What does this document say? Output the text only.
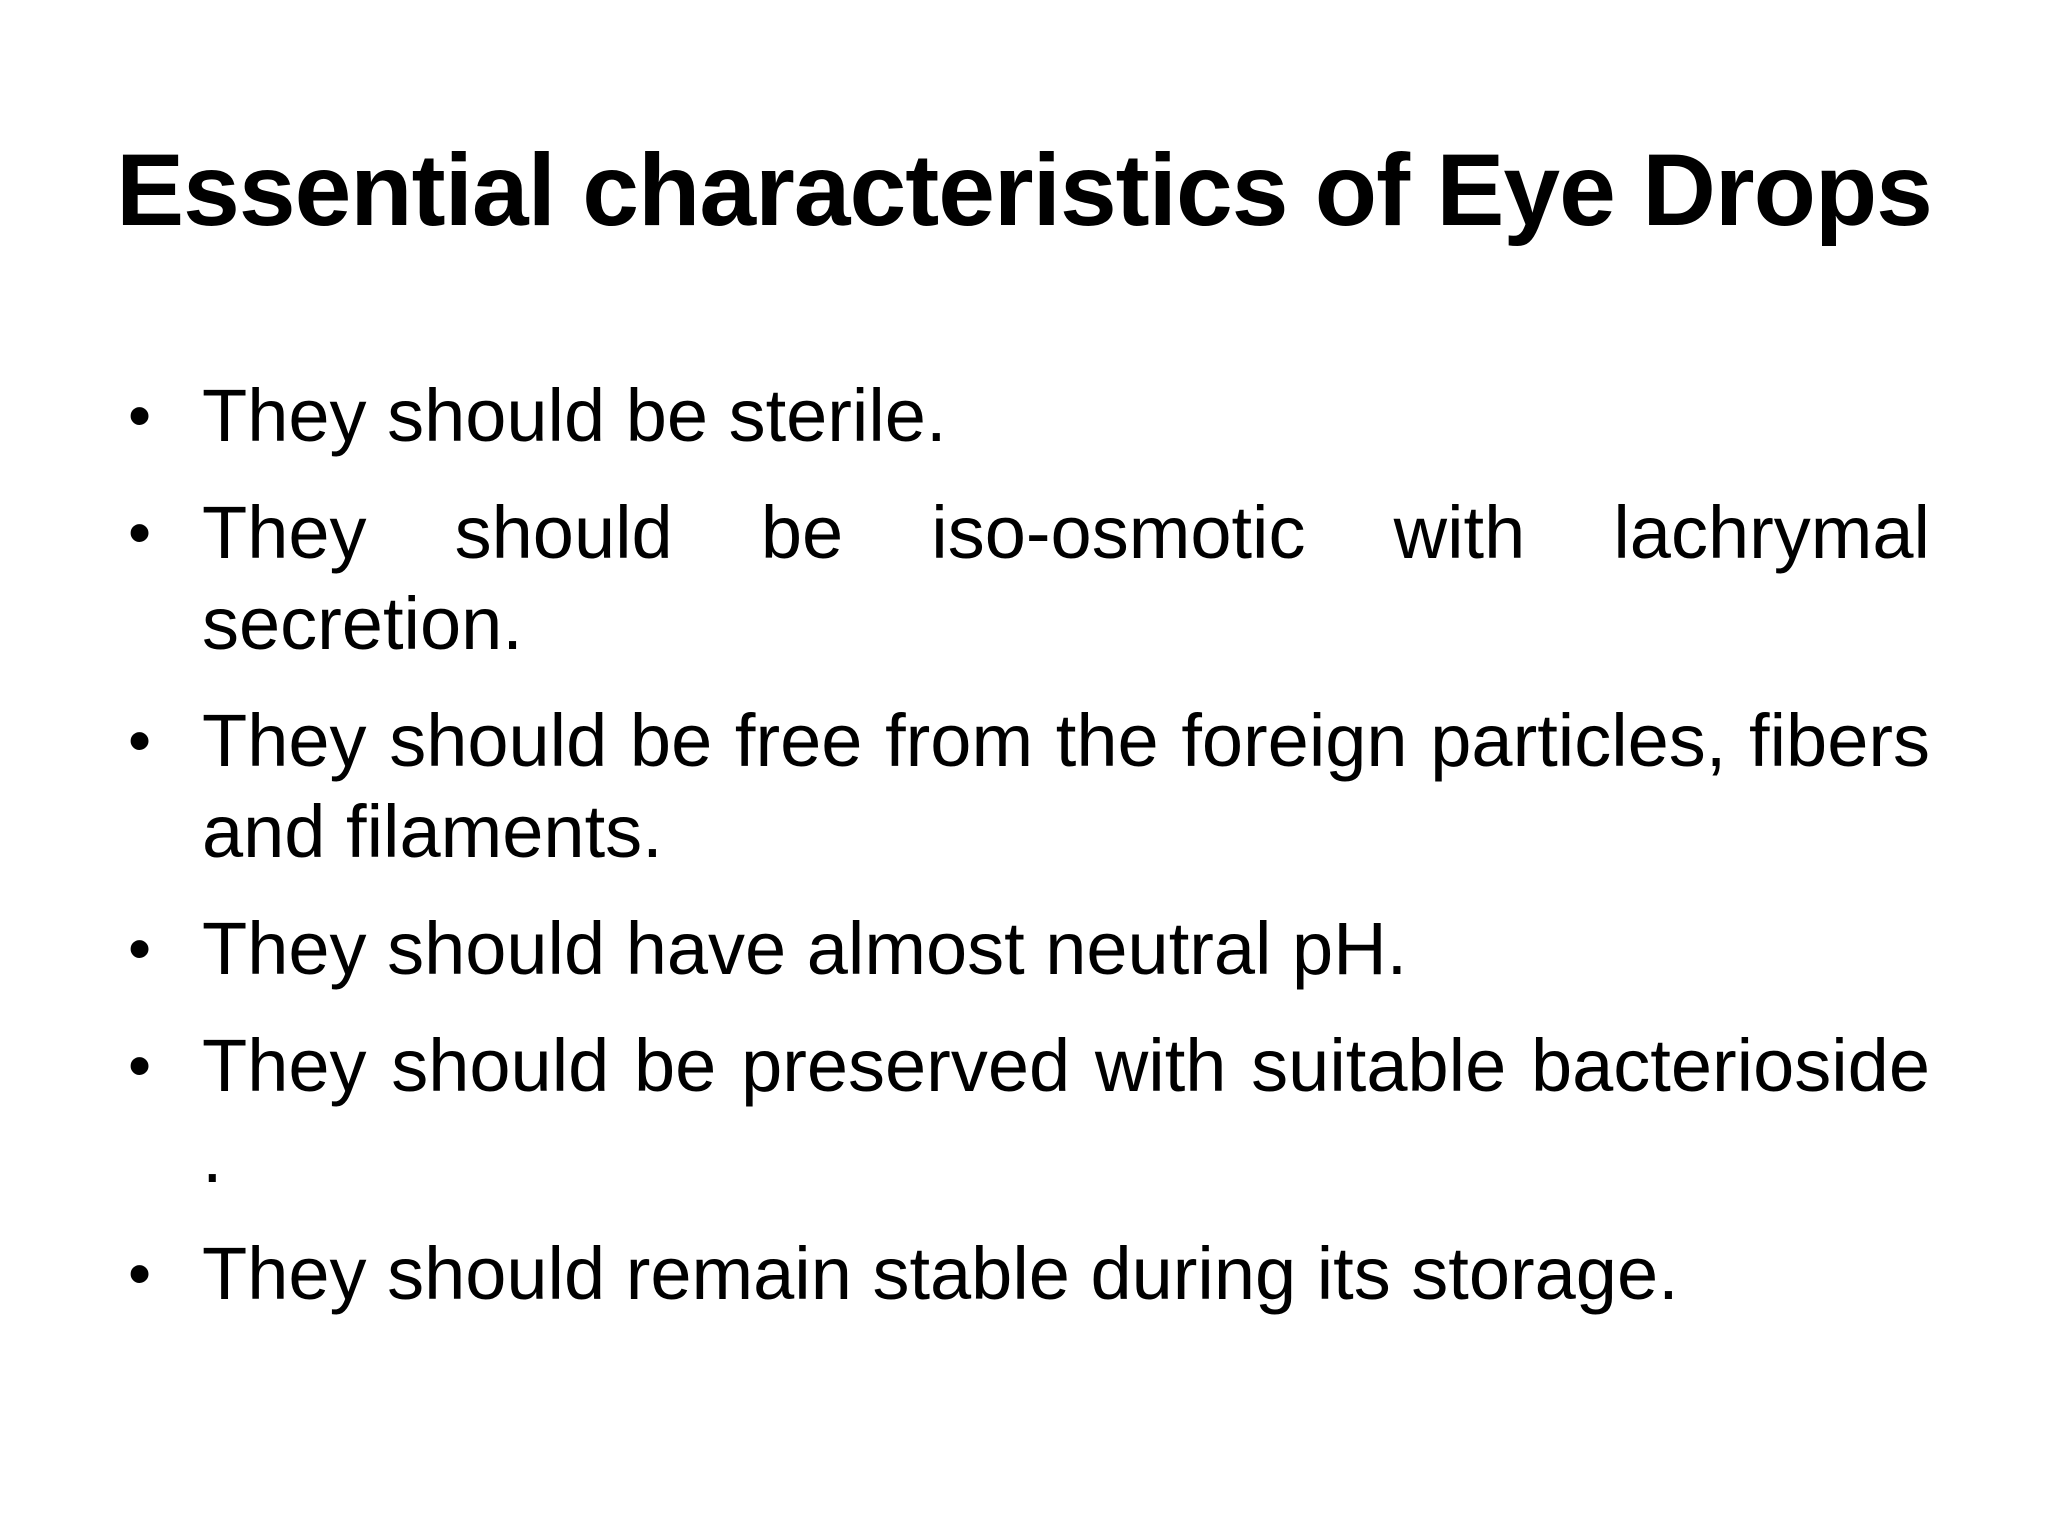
Essential characteristics of Eye Drops
• They should be sterile.
• They should be iso-osmotic with lachrymal secretion.
• They should be free from the foreign particles, fibers and filaments.
• They should have almost neutral pH.
• They should be preserved with suitable bacterioside .
• They should remain stable during its storage.
